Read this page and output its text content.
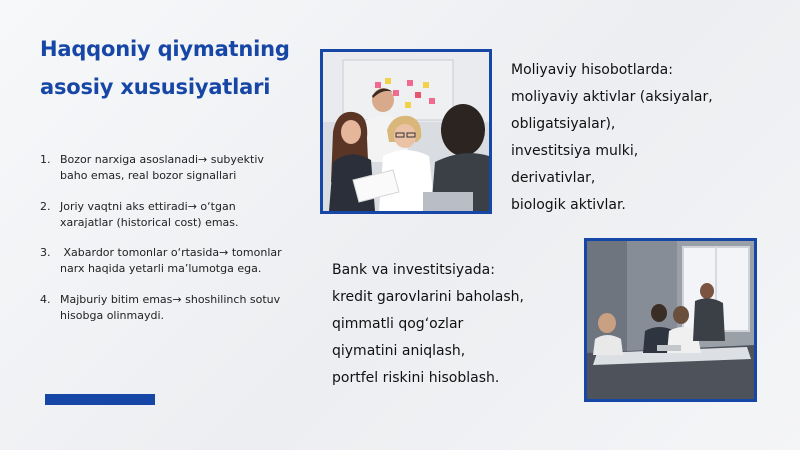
Haqqoniy qiymatning
asosiy xususiyatlari
1. Bozor narxiga asoslanadi→ subyektiv baho emas, real bozor signallari
2. Joriy vaqtni aks ettiradi→ o‘tgan xarajatlar (historical cost) emas.
3. Xabardor tomonlar o‘rtasida→ tomonlar narx haqida yetarli ma’lumotga ega.
4. Majburiy bitim emas→ shoshilinch sotuv hisobga olinmaydi.
Moliyaviy hisobotlarda:
moliyaviy aktivlar (aksiyalar,
obligatsiyalar),
investitsiya mulki,
derivativlar,
biologik aktivlar.
Bank va investitsiyada:
kredit garovlarini baholash,
qimmatli qog‘ozlar
qiymatini aniqlash,
portfel riskini hisoblash.
